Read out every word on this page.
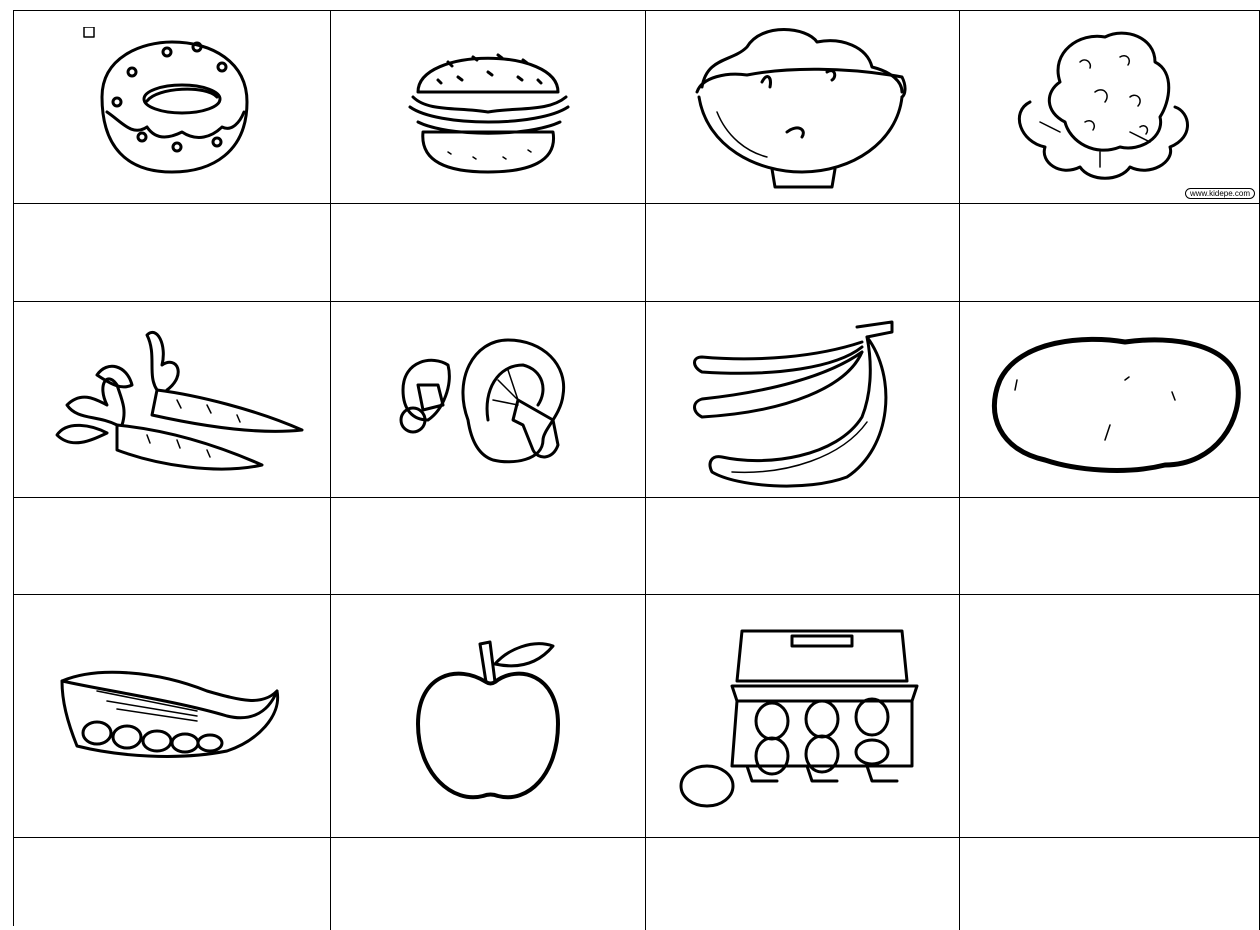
www.kidepe.com
